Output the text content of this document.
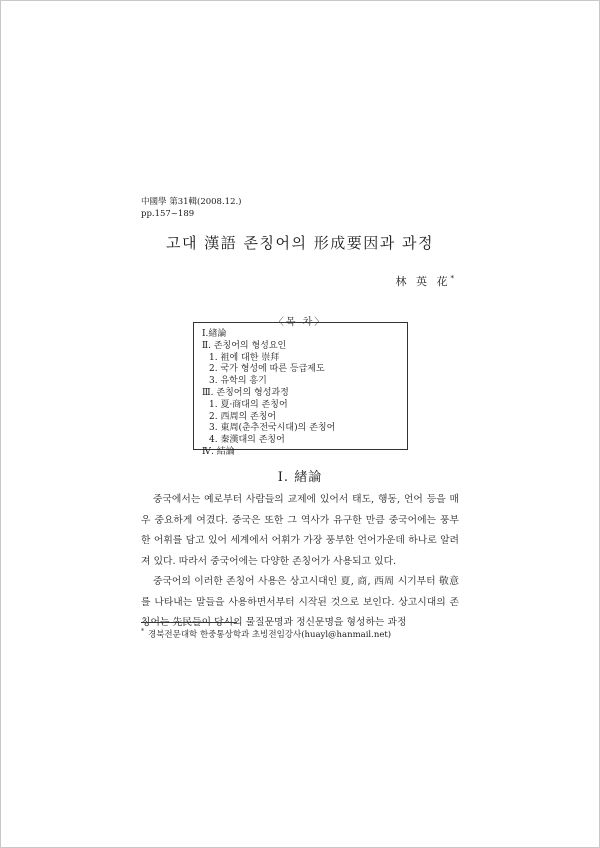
中國學 第31輯(2008.12.)
pp.157~189
고대 漢語 존칭어의 形成要因과 과정
林 英 花*
〈목 차〉
Ⅰ.緖論
Ⅱ. 존칭어의 형성요인
1. 祖에 대한 崇拜
2. 국가 형성에 따른 등급제도
3. 유학의 흥기
Ⅲ. 존칭어의 형성과정
1. 夏·商대의 존칭어
2. 西周의 존칭어
3. 東周(춘추전국시대)의 존칭어
4. 秦漢대의 존칭어
Ⅳ. 結論
Ⅰ. 緖論

중국에서는 예로부터 사람들의 교제에 있어서 태도, 행동, 언어 등을 매우 중요하게 여겼다. 중국은 또한 그 역사가 유구한 만큼 중국어에는 풍부한 어휘를 담고 있어 세계에서 어휘가 가장 풍부한 언어가운데 하나로 알려져 있다. 따라서 중국어에는 다양한 존칭어가 사용되고 있다.

중국어의 이러한 존칭어 사용은 상고시대인 夏, 商, 西周 시기부터 敬意를 나타내는 말들을 사용하면서부터 시작된 것으로 보인다. 상고시대의 존칭어는 先民들이 당시의 물질문명과 정신문명을 형성하는 과정

* 경북전문대학 한중통상학과 초빙전임강사(huayl@hanmail.net)
